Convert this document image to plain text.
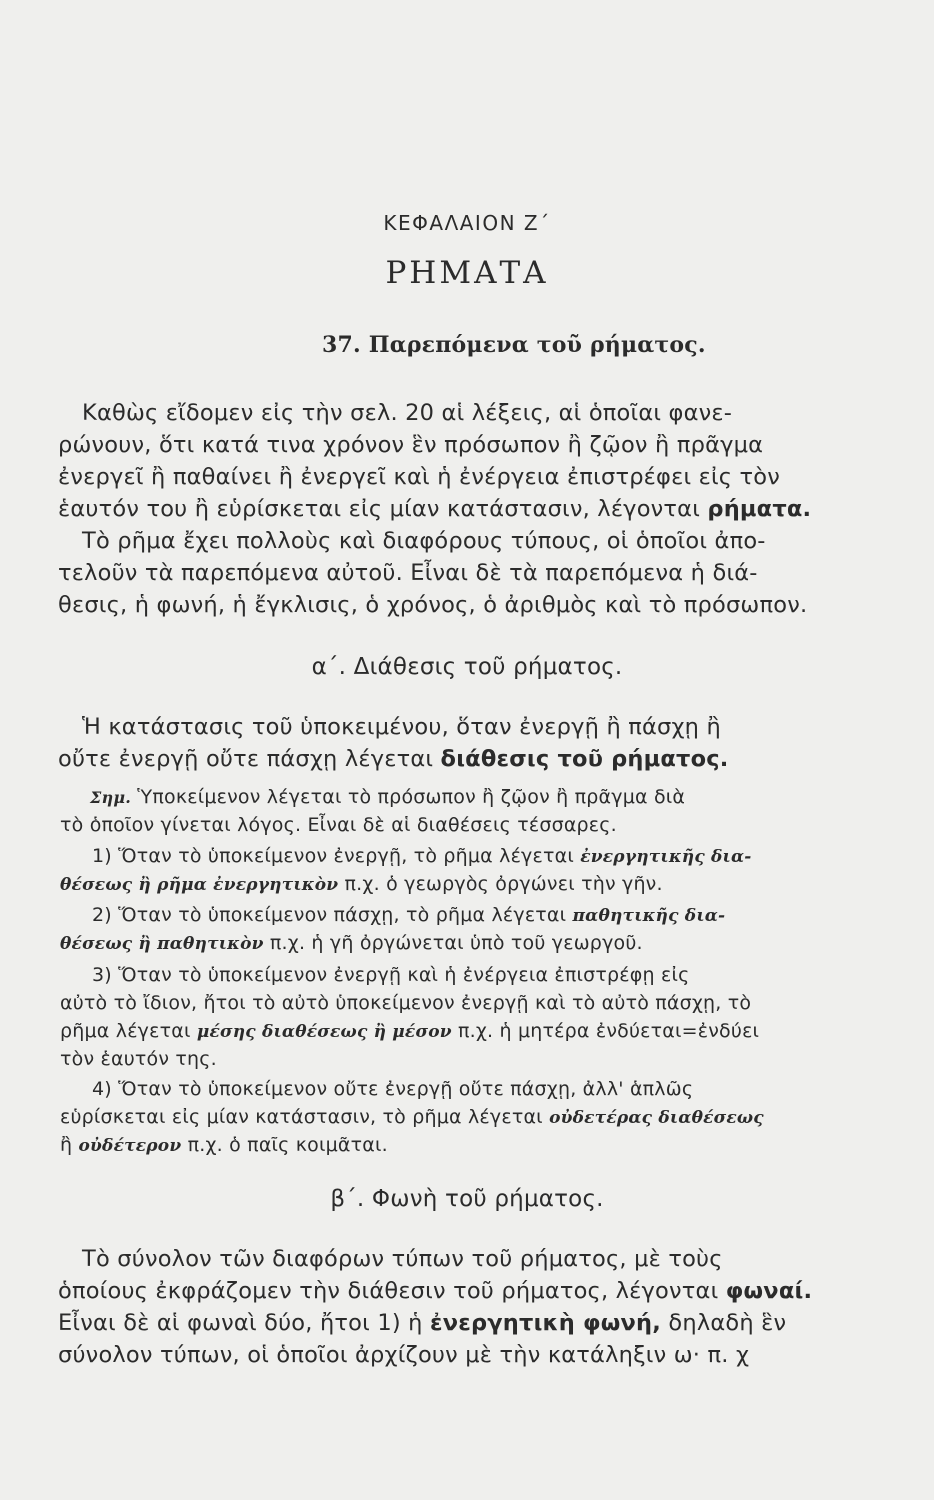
ΚΕΦΑΛΑΙΟΝ Ζ΄
ΡΗΜΑΤΑ
37. Παρεπόμενα τοῦ ρήματος.
Καθὼς εἴδομεν εἰς τὴν σελ. 20 αἱ λέξεις, αἱ ὁποῖαι φανε-
ρώνουν, ὅτι κατά τινα χρόνον ἓν πρόσωπον ἢ ζῷον ἢ πρᾶγμα
ἐνεργεῖ ἢ παθαίνει ἢ ἐνεργεῖ καὶ ἡ ἐνέργεια ἐπιστρέφει εἰς τὸν
ἑαυτόν του ἢ εὑρίσκεται εἰς μίαν κατάστασιν, λέγονται ρήματα.
Τὸ ρῆμα ἔχει πολλοὺς καὶ διαφόρους τύπους, οἱ ὁποῖοι ἀπο-
τελοῦν τὰ παρεπόμενα αὐτοῦ. Εἶναι δὲ τὰ παρεπόμενα ἡ διά-
θεσις, ἡ φωνή, ἡ ἔγκλισις, ὁ χρόνος, ὁ ἀριθμὸς καὶ τὸ πρόσωπον.
α΄. Διάθεσις τοῦ ρήματος.
Ἡ κατάστασις τοῦ ὑποκειμένου, ὅταν ἐνεργῇ ἢ πάσχῃ ἢ
οὔτε ἐνεργῇ οὔτε πάσχῃ λέγεται διάθεσις τοῦ ρήματος.
Σημ. Ὑποκείμενον λέγεται τὸ πρόσωπον ἢ ζῷον ἢ πρᾶγμα διὰ
τὸ ὁποῖον γίνεται λόγος. Εἶναι δὲ αἱ διαθέσεις τέσσαρες.
1) Ὅταν τὸ ὑποκείμενον ἐνεργῇ, τὸ ρῆμα λέγεται ἐνεργητικῆς δια-
θέσεως ἢ ρῆμα ἐνεργητικὸν π.χ. ὁ γεωργὸς ὀργώνει τὴν γῆν.
2) Ὅταν τὸ ὑποκείμενον πάσχῃ, τὸ ρῆμα λέγεται παθητικῆς δια-
θέσεως ἢ παθητικὸν π.χ. ἡ γῆ ὀργώνεται ὑπὸ τοῦ γεωργοῦ.
3) Ὅταν τὸ ὑποκείμενον ἐνεργῇ καὶ ἡ ἐνέργεια ἐπιστρέφῃ εἰς
αὐτὸ τὸ ἴδιον, ἤτοι τὸ αὐτὸ ὑποκείμενον ἐνεργῇ καὶ τὸ αὐτὸ πάσχῃ, τὸ
ρῆμα λέγεται μέσης διαθέσεως ἢ μέσον π.χ. ἡ μητέρα ἐνδύεται=ἐνδύει
τὸν ἑαυτόν της.
4) Ὅταν τὸ ὑποκείμενον οὔτε ἐνεργῇ οὔτε πάσχῃ, ἀλλ' ἁπλῶς
εὑρίσκεται εἰς μίαν κατάστασιν, τὸ ρῆμα λέγεται οὐδετέρας διαθέσεως
ἢ οὐδέτερον π.χ. ὁ παῖς κοιμᾶται.
β΄. Φωνὴ τοῦ ρήματος.
Τὸ σύνολον τῶν διαφόρων τύπων τοῦ ρήματος, μὲ τοὺς
ὁποίους ἐκφράζομεν τὴν διάθεσιν τοῦ ρήματος, λέγονται φωναί.
Εἶναι δὲ αἱ φωναὶ δύο, ἤτοι 1) ἡ ἐνεργητικὴ φωνή, δηλαδὴ ἓν
σύνολον τύπων, οἱ ὁποῖοι ἀρχίζουν μὲ τὴν κατάληξιν ω· π. χ
